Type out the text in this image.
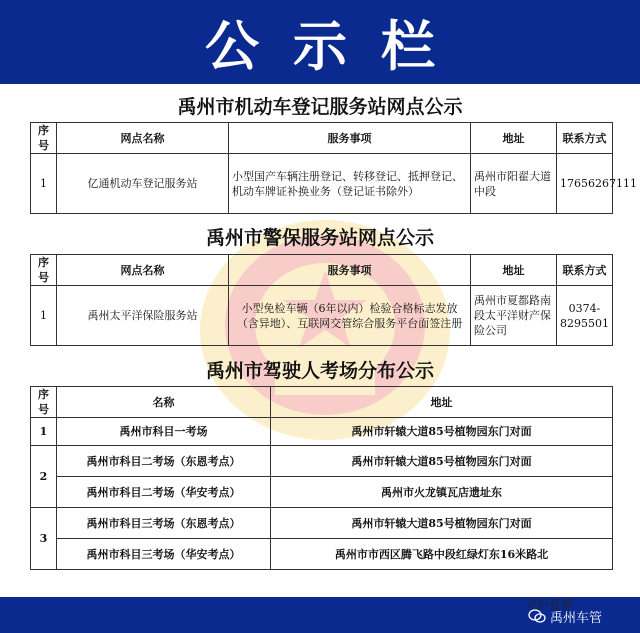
公示栏
禹州市机动车登记服务站网点公示
序号	网点名称	服务事项	地址	联系方式
1	亿通机动车登记服务站	小型国产车辆注册登记、转移登记、抵押登记、机动车牌证补换业务（登记证书除外）	禹州市阳翟大道中段	17656267111
禹州市警保服务站网点公示
序号	网点名称	服务事项	地址	联系方式
1	禹州太平洋保险服务站	小型免检车辆（6年以内）检验合格标志发放（含异地）、互联网交管综合服务平台面签注册	禹州市夏都路南段太平洋财产保险公司	0374-8295501
禹州市驾驶人考场分布公示
序号	名称	地址
1	禹州市科目一考场	禹州市轩辕大道85号植物园东门对面
2	禹州市科目二考场（东恩考点）	禹州市轩辕大道85号植物园东门对面
	禹州市科目二考场（华安考点）	禹州市火龙镇瓦店遗址东
3	禹州市科目三考场（东恩考点）	禹州市轩辕大道85号植物园东门对面
	禹州市科目三考场（华安考点）	禹州市市西区腾飞路中段红绿灯东16米路北
守护夏都
禹州车管
